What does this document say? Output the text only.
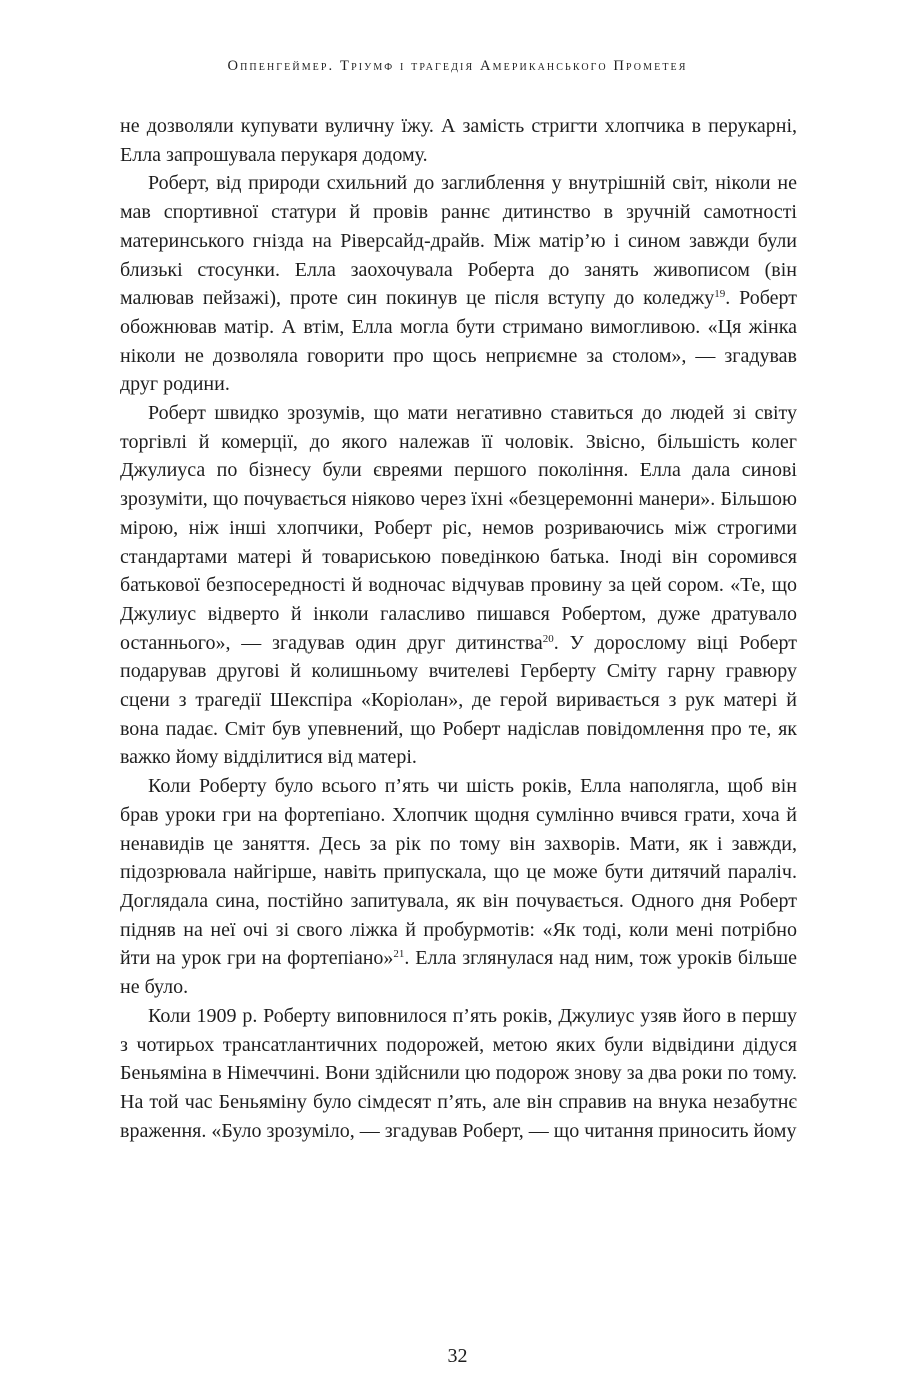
Оппенгеймер. Тріумф і трагедія Американського Прометея

не дозволяли купувати вуличну їжу. А замість стригти хлопчика в перукарні, Елла запрошувала перукаря додому.

Роберт, від природи схильний до заглиблення у внутрішній світ, ніколи не мав спортивної статури й провів раннє дитинство в зручній самотності материнського гнізда на Ріверсайд-драйв. Між матір’ю і сином завжди були близькі стосунки. Елла заохочувала Роберта до занять живописом (він малював пейзажі), проте син покинув це після вступу до коледжу$^{19}$. Роберт обожнював матір. А втім, Елла могла бути стримано вимогливою. «Ця жінка ніколи не дозволяла говорити про щось неприємне за столом», — згадував друг родини.

Роберт швидко зрозумів, що мати негативно ставиться до людей зі світу торгівлі й комерції, до якого належав її чоловік. Звісно, більшість колег Джулиуса по бізнесу були євреями першого покоління. Елла дала синові зрозуміти, що почувається ніяково через їхні «безцеремонні манери». Більшою мірою, ніж інші хлопчики, Роберт ріс, немов розриваючись між строгими стандартами матері й товариською поведінкою батька. Іноді він соромився батькової безпосередності й водночас відчував провину за цей сором. «Те, що Джулиус відверто й інколи галасливо пишався Робертом, дуже дратувало останнього», — згадував один друг дитинства$^{20}$. У дорослому віці Роберт подарував другові й колишньому вчителеві Герберту Сміту гарну гравюру сцени з трагедії Шекспіра «Коріолан», де герой виривається з рук матері й вона падає. Сміт був упевнений, що Роберт надіслав повідомлення про те, як важко йому відділитися від матері.

Коли Роберту було всього п’ять чи шість років, Елла наполягла, щоб він брав уроки гри на фортепіано. Хлопчик щодня сумлінно вчився грати, хоча й ненавидів це заняття. Десь за рік по тому він захворів. Мати, як і завжди, підозрювала найгірше, навіть припускала, що це може бути дитячий параліч. Доглядала сина, постійно запитувала, як він почувається. Одного дня Роберт підняв на неї очі зі свого ліжка й пробурмотів: «Як тоді, коли мені потрібно йти на урок гри на фортепіано»$^{21}$. Елла зглянулася над ним, тож уроків більше не було.

Коли 1909 р. Роберту виповнилося п’ять років, Джулиус узяв його в першу з чотирьох трансатлантичних подорожей, метою яких були відвідини дідуся Беньяміна в Німеччині. Вони здійснили цю подорож знову за два роки по тому. На той час Беньяміну було сімдесят п’ять, але він справив на внука незабутнє враження. «Було зрозуміло, — згадував Роберт, — що читання приносить йому

32
